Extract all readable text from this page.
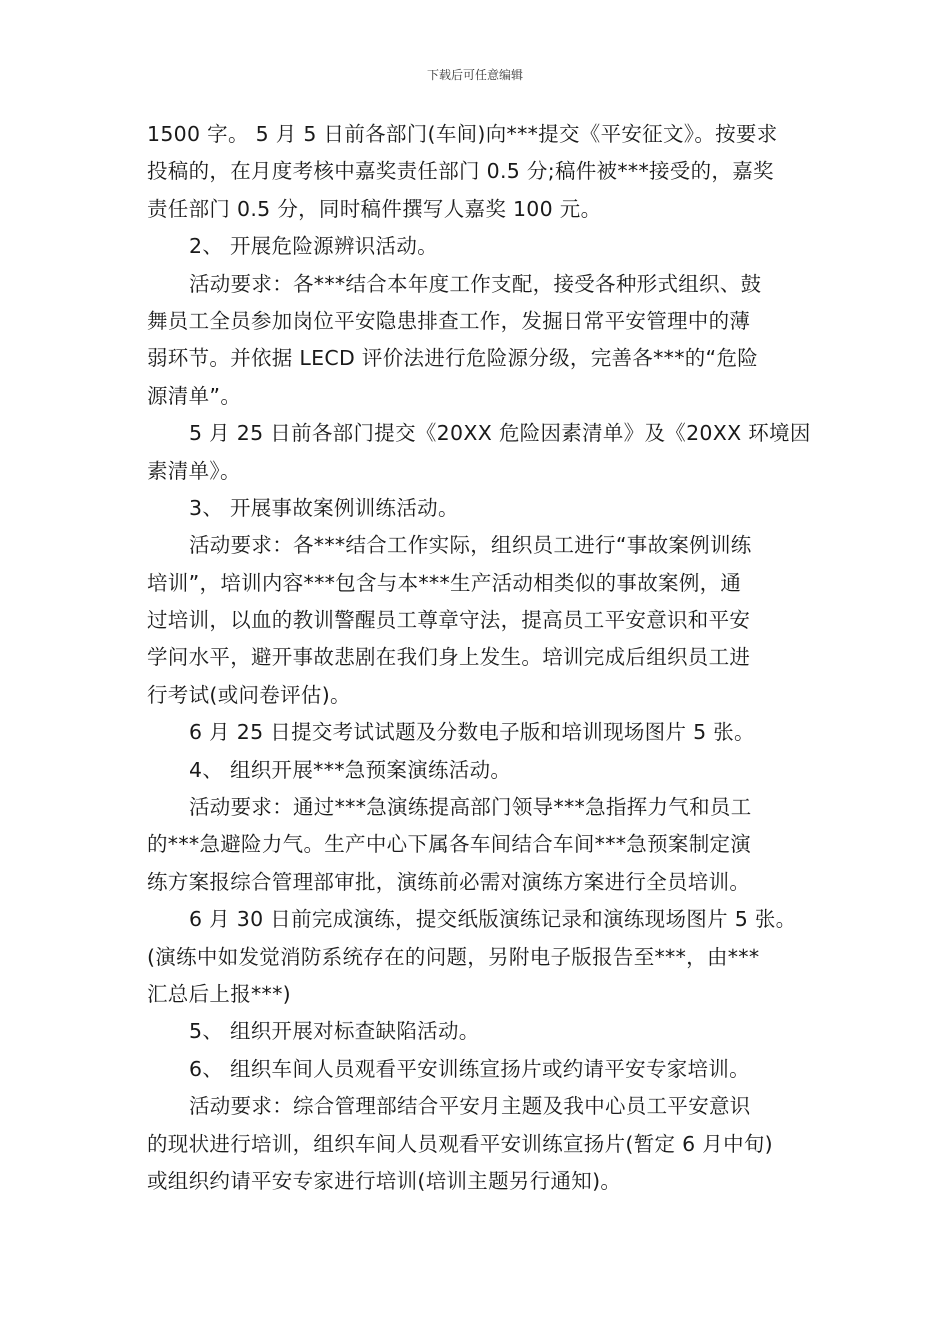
下载后可任意编辑
1500 字。 5 月 5 日前各部门(车间)向***提交《平安征文》。按要求
投稿的，在月度考核中嘉奖责任部门 0.5 分;稿件被***接受的，嘉奖
责任部门 0.5 分，同时稿件撰写人嘉奖 100 元。
2、 开展危险源辨识活动。
活动要求：各***结合本年度工作支配，接受各种形式组织、鼓
舞员工全员参加岗位平安隐患排查工作，发掘日常平安管理中的薄
弱环节。并依据 LECD 评价法进行危险源分级，完善各***的“危险
源清单”。
5 月 25 日前各部门提交《20XX 危险因素清单》及《20XX 环境因
素清单》。
3、 开展事故案例训练活动。
活动要求：各***结合工作实际，组织员工进行“事故案例训练
培训”，培训内容***包含与本***生产活动相类似的事故案例，通
过培训，以血的教训警醒员工尊章守法，提高员工平安意识和平安
学问水平，避开事故悲剧在我们身上发生。培训完成后组织员工进
行考试(或问卷评估)。
6 月 25 日提交考试试题及分数电子版和培训现场图片 5 张。
4、 组织开展***急预案演练活动。
活动要求：通过***急演练提高部门领导***急指挥力气和员工
的***急避险力气。生产中心下属各车间结合车间***急预案制定演
练方案报综合管理部审批，演练前必需对演练方案进行全员培训。
6 月 30 日前完成演练，提交纸版演练记录和演练现场图片 5 张。
(演练中如发觉消防系统存在的问题，另附电子版报告至***，由***
汇总后上报***)
5、 组织开展对标查缺陷活动。
6、 组织车间人员观看平安训练宣扬片或约请平安专家培训。
活动要求：综合管理部结合平安月主题及我中心员工平安意识
的现状进行培训，组织车间人员观看平安训练宣扬片(暂定 6 月中旬)
或组织约请平安专家进行培训(培训主题另行通知)。
